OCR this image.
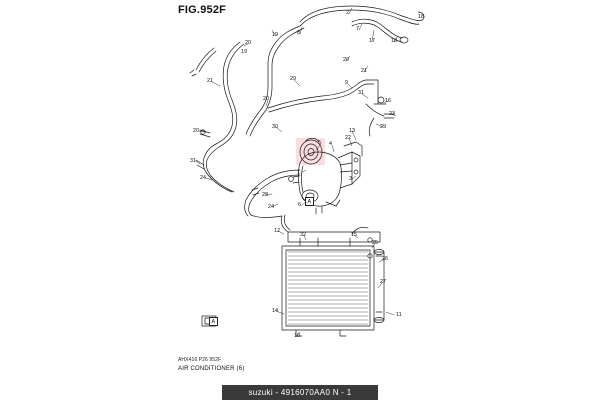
FIG.952F	2
18
7
8
17	18
19
20
19
20
21
29
21	9
31
16
20
23
29
20	13
22
5 4
30
31
24
1
3
6
28
24
12
32	15
25
26
27
11
14
10
A
A
AHX416 P26 952F
AIR CONDITIONER (6)
suzuki - 4916070AA0 N - 1
